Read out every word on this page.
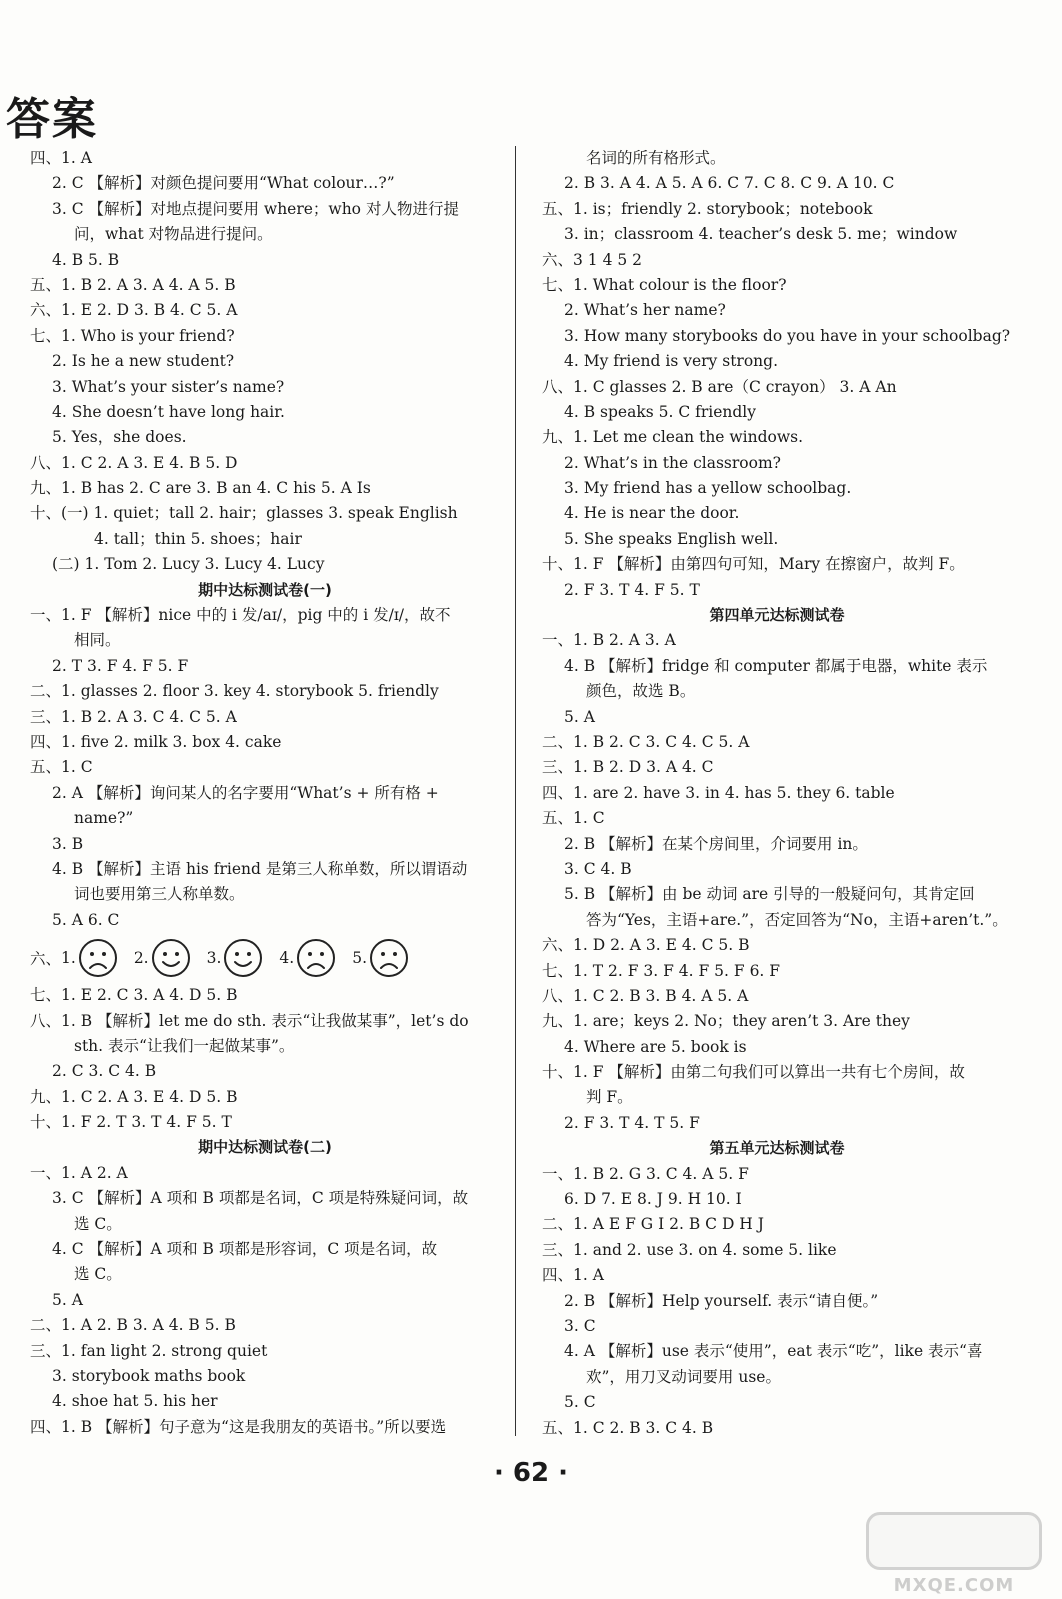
答案
四、1. A
2. C 【解析】对颜色提问要用“What colour…?”
3. C 【解析】对地点提问要用 where；who 对人物进行提
问，what 对物品进行提问。
4. B 5. B
五、1. B 2. A 3. A 4. A 5. B
六、1. E 2. D 3. B 4. C 5. A
七、1. Who is your friend?
2. Is he a new student?
3. What’s your sister’s name?
4. She doesn’t have long hair.
5. Yes，she does.
八、1. C 2. A 3. E 4. B 5. D
九、1. B has 2. C are 3. B an 4. C his 5. A Is
十、(一) 1. quiet；tall 2. hair；glasses 3. speak English
4. tall；thin 5. shoes；hair
(二) 1. Tom 2. Lucy 3. Lucy 4. Lucy
期中达标测试卷(一)
一、1. F 【解析】nice 中的 i 发/aɪ/，pig 中的 i 发/ɪ/，故不
相同。
2. T 3. F 4. F 5. F
二、1. glasses 2. floor 3. key 4. storybook 5. friendly
三、1. B 2. A 3. C 4. C 5. A
四、1. five 2. milk 3. box 4. cake
五、1. C
2. A 【解析】询问某人的名字要用“What’s + 所有格 +
name?”
3. B
4. B 【解析】主语 his friend 是第三人称单数，所以谓语动
词也要用第三人称单数。
5. A 6. C
六、 1.	2.	3.	4.	5.
七、1. E 2. C 3. A 4. D 5. B
八、1. B 【解析】let me do sth. 表示“让我做某事”，let’s do
sth. 表示“让我们一起做某事”。
2. C 3. C 4. B
九、1. C 2. A 3. E 4. D 5. B
十、1. F 2. T 3. T 4. F 5. T
期中达标测试卷(二)
一、1. A 2. A
3. C 【解析】A 项和 B 项都是名词，C 项是特殊疑问词，故
选 C。
4. C 【解析】A 项和 B 项都是形容词，C 项是名词，故
选 C。
5. A
二、1. A 2. B 3. A 4. B 5. B
三、1. fan light 2. strong quiet
3. storybook maths book
4. shoe hat 5. his her
四、1. B 【解析】句子意为“这是我朋友的英语书。”所以要选
名词的所有格形式。
2. B 3. A 4. A 5. A 6. C 7. C 8. C 9. A 10. C
五、1. is；friendly 2. storybook；notebook
3. in；classroom 4. teacher’s desk 5. me；window
六、3 1 4 5 2
七、1. What colour is the floor?
2. What’s her name?
3. How many storybooks do you have in your schoolbag?
4. My friend is very strong.
八、1. C glasses 2. B are（C crayon） 3. A An
4. B speaks 5. C friendly
九、1. Let me clean the windows.
2. What’s in the classroom?
3. My friend has a yellow schoolbag.
4. He is near the door.
5. She speaks English well.
十、1. F 【解析】由第四句可知，Mary 在擦窗户，故判 F。
2. F 3. T 4. F 5. T
第四单元达标测试卷
一、1. B 2. A 3. A
4. B 【解析】fridge 和 computer 都属于电器，white 表示
颜色，故选 B。
5. A
二、1. B 2. C 3. C 4. C 5. A
三、1. B 2. D 3. A 4. C
四、1. are 2. have 3. in 4. has 5. they 6. table
五、1. C
2. B 【解析】在某个房间里，介词要用 in。
3. C 4. B
5. B 【解析】由 be 动词 are 引导的一般疑问句，其肯定回
答为“Yes，主语+are.”，否定回答为“No，主语+aren’t.”。
六、1. D 2. A 3. E 4. C 5. B
七、1. T 2. F 3. F 4. F 5. F 6. F
八、1. C 2. B 3. B 4. A 5. A
九、1. are；keys 2. No；they aren’t 3. Are they
4. Where are 5. book is
十、1. F 【解析】由第二句我们可以算出一共有七个房间，故
判 F。
2. F 3. T 4. T 5. F
第五单元达标测试卷
一、1. B 2. G 3. C 4. A 5. F
6. D 7. E 8. J 9. H 10. I
二、1. A E F G I 2. B C D H J
三、1. and 2. use 3. on 4. some 5. like
四、1. A
2. B 【解析】Help yourself. 表示“请自便。”
3. C
4. A 【解析】use 表示“使用”，eat 表示“吃”，like 表示“喜
欢”，用刀叉动词要用 use。
5. C
五、1. C 2. B 3. C 4. B
· 62 ·
MXQE.COM
